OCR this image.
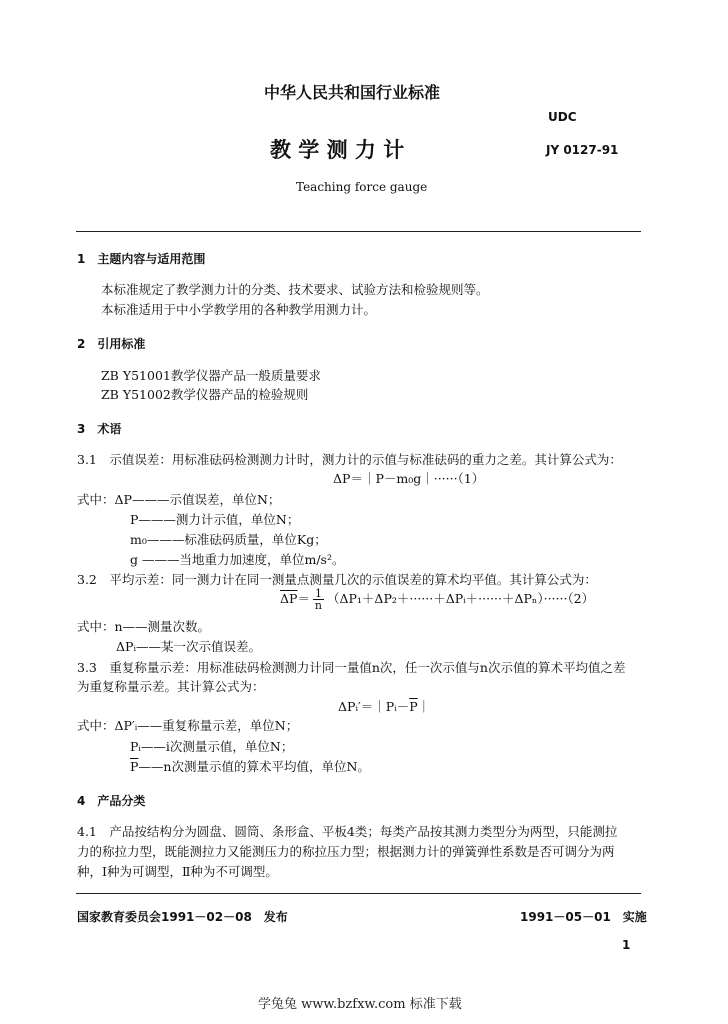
中华人民共和国行业标准
UDC
教 学 测 力 计	JY 0127-91
Teaching force gauge
1　主题内容与适用范围
本标准规定了教学测力计的分类、技术要求、试验方法和检验规则等。
本标准适用于中小学教学用的各种教学用测力计。
2　引用标准
ZB Y51001教学仪器产品一般质量要求
ZB Y51002教学仪器产品的检验规则
3　术语
3.1　示值误差：用标准砝码检测测力计时，测力计的示值与标准砝码的重力之差。其计算公式为：
ΔP＝｜P－m₀g｜······（1）
式中：ΔP———示值误差，单位N；
P———测力计示值，单位N；
m₀———标准砝码质量，单位Kg；
g ———当地重力加速度，单位m/s²。
3.2　平均示差：同一测力计在同一测量点测量几次的示值误差的算术均平值。其计算公式为：
$\overline{\Delta P}= \frac{1}{n}$ （ΔP₁＋ΔP₂＋······＋ΔPᵢ＋······＋ΔPₙ）······（2）
式中：n——测量次数。
ΔPᵢ——某一次示值误差。
3.3　重复称量示差：用标准砝码检测测力计同一量值n次，任一次示值与n次示值的算术平均值之差
为重复称量示差。其计算公式为：
$\Delta Pᵢ'=|Pᵢ-\overline{P}|$
式中：ΔP′ᵢ——重复称量示差，单位N；
Pᵢ——i次测量示值，单位N；
$\overline{P}——n$次测量示值的算术平均值，单位N。
4　产品分类
4.1　产品按结构分为圆盘、圆筒、条形盒、平板4类；每类产品按其测力类型分为两型，只能测拉
力的称拉力型，既能测拉力又能测压力的称拉压力型；根据测力计的弹簧弹性系数是否可调分为两
种，Ⅰ种为可调型，Ⅱ种为不可调型。
国家教育委员会1991－02－08　发布	1991－05－01　实施
1
学兔兔 www.bzfxw.com 标准下载
